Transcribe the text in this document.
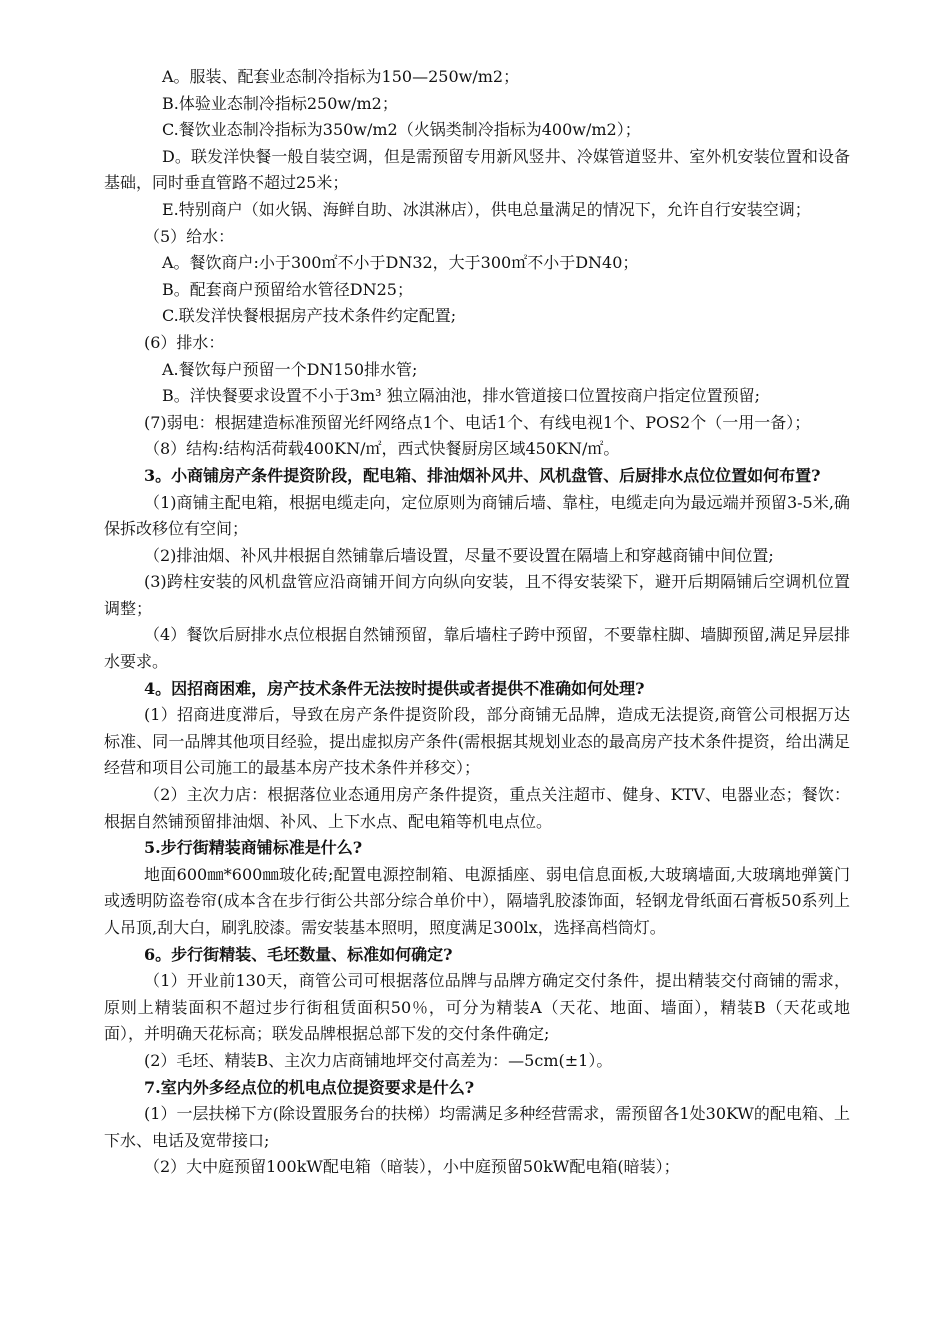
A。服装、配套业态制冷指标为150—250w/m2；

B.体验业态制冷指标250w/m2；

C.餐饮业态制冷指标为350w/m2（火锅类制冷指标为400w/m2）；

D。联发洋快餐一般自装空调，但是需预留专用新风竖井、冷媒管道竖井、室外机安装位置和设备基础，同时垂直管路不超过25米；

E.特别商户（如火锅、海鲜自助、冰淇淋店），供电总量满足的情况下，允许自行安装空调；

（5）给水：

A。餐饮商户:小于300㎡不小于DN32，大于300㎡不小于DN40；

B。配套商户预留给水管径DN25；

C.联发洋快餐根据房产技术条件约定配置;

(6）排水：

A.餐饮每户预留一个DN150排水管;

B。洋快餐要求设置不小于3m³ 独立隔油池，排水管道接口位置按商户指定位置预留;

(7)弱电：根据建造标准预留光纤网络点1个、电话1个、有线电视1个、POS2个（一用一备）；

（8）结构:结构活荷载400KN/㎡，西式快餐厨房区域450KN/㎡。

3。小商铺房产条件提资阶段，配电箱、排油烟补风井、风机盘管、后厨排水点位位置如何布置?

（1)商铺主配电箱，根据电缆走向，定位原则为商铺后墙、靠柱，电缆走向为最远端并预留3-5米,确保拆改移位有空间；

（2)排油烟、补风井根据自然铺靠后墙设置，尽量不要设置在隔墙上和穿越商铺中间位置;

(3)跨柱安装的风机盘管应沿商铺开间方向纵向安装，且不得安装梁下，避开后期隔铺后空调机位置调整；

（4）餐饮后厨排水点位根据自然铺预留，靠后墙柱子跨中预留，不要靠柱脚、墙脚预留,满足异层排水要求。

4。因招商困难，房产技术条件无法按时提供或者提供不准确如何处理?

(1）招商进度滞后，导致在房产条件提资阶段，部分商铺无品牌，造成无法提资,商管公司根据万达标准、同一品牌其他项目经验，提出虚拟房产条件(需根据其规划业态的最高房产技术条件提资，给出满足经营和项目公司施工的最基本房产技术条件并移交）；

（2）主次力店：根据落位业态通用房产条件提资，重点关注超市、健身、KTV、电器业态；餐饮：根据自然铺预留排油烟、补风、上下水点、配电箱等机电点位。

5.步行街精装商铺标准是什么?

地面600㎜*600㎜玻化砖;配置电源控制箱、电源插座、弱电信息面板,大玻璃墙面,大玻璃地弹簧门或透明防盗卷帘(成本含在步行街公共部分综合单价中），隔墙乳胶漆饰面，轻钢龙骨纸面石膏板50系列上人吊顶,刮大白，刷乳胶漆。需安装基本照明，照度满足300lx，选择高档筒灯。

6。步行街精装、毛坯数量、标准如何确定?

（1）开业前130天，商管公司可根据落位品牌与品牌方确定交付条件，提出精装交付商铺的需求，原则上精装面积不超过步行街租赁面积50％，可分为精装A（天花、地面、墙面），精装B（天花或地面），并明确天花标高；联发品牌根据总部下发的交付条件确定;

(2）毛坯、精装B、主次力店商铺地坪交付高差为：—5cm(±1）。

7.室内外多经点位的机电点位提资要求是什么?

(1）一层扶梯下方(除设置服务台的扶梯）均需满足多种经营需求，需预留各1处30KW的配电箱、上下水、电话及宽带接口;

（2）大中庭预留100kW配电箱（暗装），小中庭预留50kW配电箱(暗装）；
